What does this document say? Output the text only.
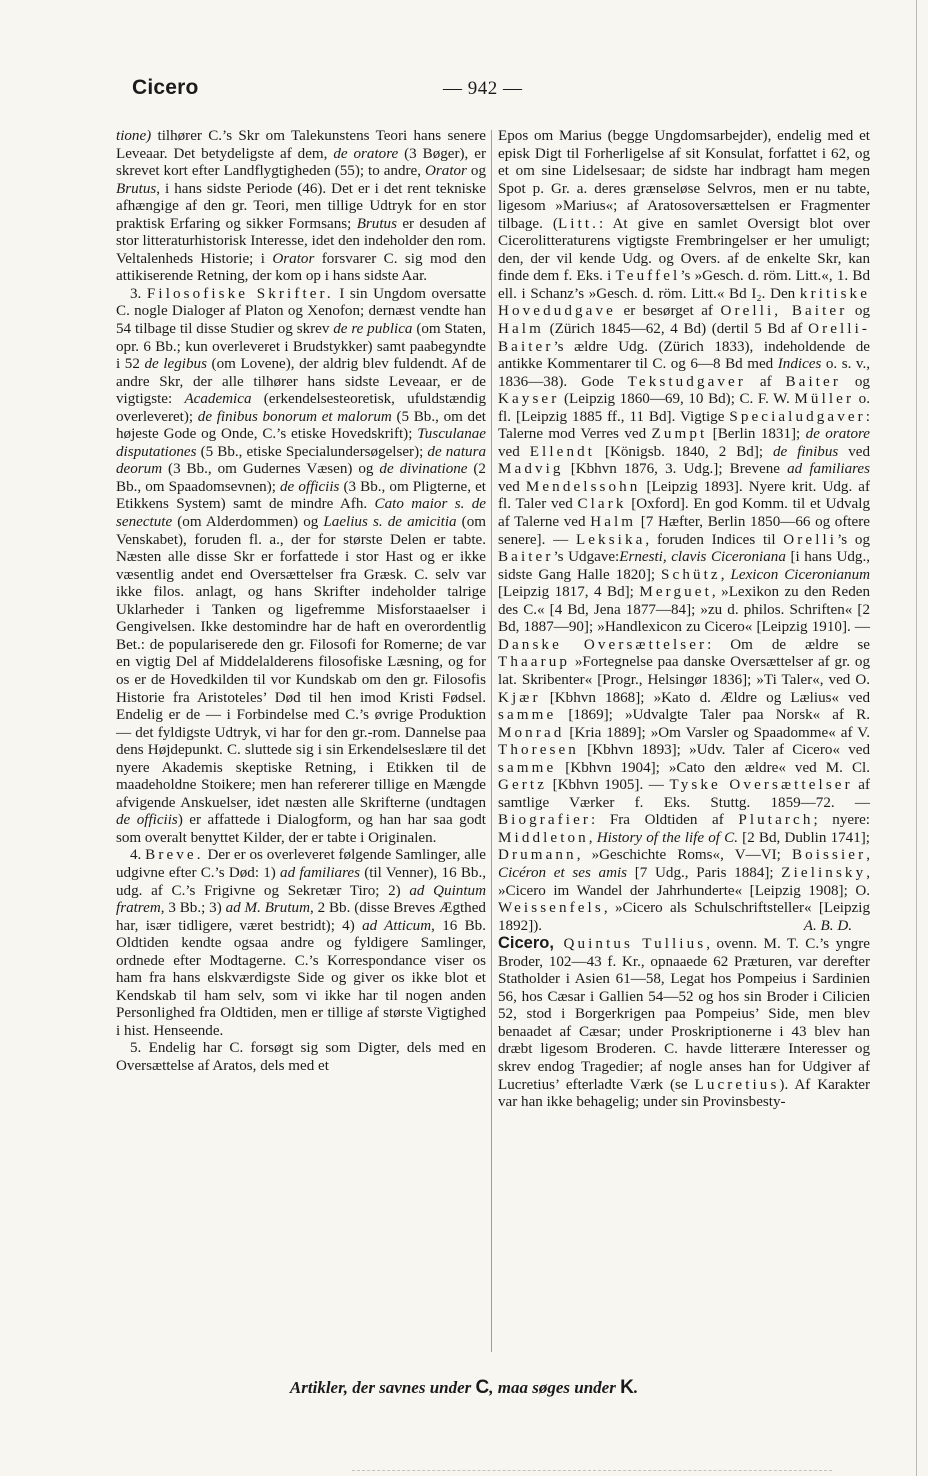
Cicero	— 942 —

tione) tilhører C.’s Skr om Talekunstens Teori hans senere Leveaar. Det betydeligste af dem, de oratore (3 Bøger), er skrevet kort efter Landflygtigheden (55); to andre, Orator og Brutus, i hans sidste Periode (46). Det er i det rent tekniske afhængige af den gr. Teori, men tillige Udtryk for en stor praktisk Erfaring og sikker Formsans; Brutus er desuden af stor litteraturhistorisk Interesse, idet den indeholder den rom. Veltalenheds Historie; i Orator forsvarer C. sig mod den attikiserende Retning, der kom op i hans sidste Aar.

3. Filosofiske Skrifter. I sin Ungdom oversatte C. nogle Dialoger af Platon og Xenofon; dernæst vendte han 54 tilbage til disse Studier og skrev de re publica (om Staten, opr. 6 Bb.; kun overleveret i Brudstykker) samt paabegyndte i 52 de legibus (om Lovene), der aldrig blev fuldendt. Af de andre Skr, der alle tilhører hans sidste Leveaar, er de vigtigste: Academica (erkendelsesteoretisk, ufuldstændig overleveret); de finibus bonorum et malorum (5 Bb., om det højeste Gode og Onde, C.’s etiske Hovedskrift); Tusculanae disputationes (5 Bb., etiske Specialundersøgelser); de natura deorum (3 Bb., om Gudernes Væsen) og de divinatione (2 Bb., om Spaadomsevnen); de officiis (3 Bb., om Pligterne, et Etikkens System) samt de mindre Afh. Cato maior s. de senectute (om Alderdommen) og Laelius s. de amicitia (om Venskabet), foruden fl. a., der for største Delen er tabte. Næsten alle disse Skr er forfattede i stor Hast og er ikke væsentlig andet end Oversættelser fra Græsk. C. selv var ikke filos. anlagt, og hans Skrifter indeholder talrige Uklarheder i Tanken og ligefremme Misforstaaelser i Gengivelsen. Ikke destomindre har de haft en overordentlig Bet.: de populariserede den gr. Filosofi for Romerne; de var en vigtig Del af Middelalderens filosofiske Læsning, og for os er de Hovedkilden til vor Kundskab om den gr. Filosofis Historie fra Aristoteles’ Død til hen imod Kristi Fødsel. Endelig er de — i Forbindelse med C.’s øvrige Produktion — det fyldigste Udtryk, vi har for den gr.-rom. Dannelse paa dens Højdepunkt. C. sluttede sig i sin Erkendelseslære til det nyere Akademis skeptiske Retning, i Etikken til de maadeholdne Stoikere; men han refererer tillige en Mængde afvigende Anskuelser, idet næsten alle Skrifterne (undtagen de officiis) er affattede i Dialogform, og han har saa godt som overalt benyttet Kilder, der er tabte i Originalen.

4. Breve. Der er os overleveret følgende Samlinger, alle udgivne efter C.’s Død: 1) ad familiares (til Venner), 16 Bb., udg. af C.’s Frigivne og Sekretær Tiro; 2) ad Quintum fratrem, 3 Bb.; 3) ad M. Brutum, 2 Bb. (disse Breves Ægthed har, især tidligere, været bestridt); 4) ad Atticum, 16 Bb. Oldtiden kendte ogsaa andre og fyldigere Samlinger, ordnede efter Modtagerne. C.’s Korrespondance viser os ham fra hans elskværdigste Side og giver os ikke blot et Kendskab til ham selv, som vi ikke har til nogen anden Personlighed fra Oldtiden, men er tillige af største Vigtighed i hist. Henseende.

5. Endelig har C. forsøgt sig som Digter, dels med en Oversættelse af Aratos, dels med et

Epos om Marius (begge Ungdomsarbejder), endelig med et episk Digt til Forherligelse af sit Konsulat, forfattet i 62, og et om sine Lidelsesaar; de sidste har indbragt ham megen Spot p. Gr. a. deres grænseløse Selvros, men er nu tabte, ligesom »Marius«; af Aratosoversættelsen er Fragmenter tilbage. (Litt.: At give en samlet Oversigt blot over Cicerolitteraturens vigtigste Frembringelser er her umuligt; den, der vil kende Udg. og Overs. af de enkelte Skr, kan finde dem f. Eks. i Teuffel’s »Gesch. d. röm. Litt.«, 1. Bd ell. i Schanz’s »Gesch. d. röm. Litt.« Bd I₂. Den kritiske Hovedudgave er besørget af Orelli, Baiter og Halm (Zürich 1845—62, 4 Bd) (dertil 5 Bd af Orelli-Baiter’s ældre Udg. (Zürich 1833), indeholdende de antikke Kommentarer til C. og 6—8 Bd med Indices o. s. v., 1836—38). Gode Tekstudgaver af Baiter og Kayser (Leipzig 1860—69, 10 Bd); C. F. W. Müller o. fl. [Leipzig 1885 ff., 11 Bd]. Vigtige Specialudgaver: Talerne mod Verres ved Zumpt [Berlin 1831]; de oratore ved Ellendt [Königsb. 1840, 2 Bd]; de finibus ved Madvig [Kbhvn 1876, 3. Udg.]; Brevene ad familiares ved Mendelssohn [Leipzig 1893]. Nyere krit. Udg. af fl. Taler ved Clark [Oxford]. En god Komm. til et Udvalg af Talerne ved Halm [7 Hæfter, Berlin 1850—66 og oftere senere]. — Leksika, foruden Indices til Orelli’s og Baiter’s Udgave:Ernesti, clavis Ciceroniana [i hans Udg., sidste Gang Halle 1820]; Schütz, Lexicon Ciceronianum [Leipzig 1817, 4 Bd]; Merguet, »Lexikon zu den Reden des C.« [4 Bd, Jena 1877—84]; »zu d. philos. Schriften« [2 Bd, 1887—90]; »Handlexicon zu Cicero« [Leipzig 1910]. — Danske Oversættelser: Om de ældre se Thaarup »Fortegnelse paa danske Oversættelser af gr. og lat. Skribenter« [Progr., Helsingør 1836]; »Ti Taler«, ved O. Kjær [Kbhvn 1868]; »Kato d. Ældre og Lælius« ved samme [1869]; »Udvalgte Taler paa Norsk« af R. Monrad [Kria 1889]; »Om Varsler og Spaadomme« af V. Thoresen [Kbhvn 1893]; »Udv. Taler af Cicero« ved samme [Kbhvn 1904]; »Cato den ældre« ved M. Cl. Gertz [Kbhvn 1905]. — Tyske Oversættelser af samtlige Værker f. Eks. Stuttg. 1859—72. — Biografier: Fra Oldtiden af Plutarch; nyere: Middleton, History of the life of C. [2 Bd, Dublin 1741]; Drumann, »Geschichte Roms«, V—VI; Boissier, Cicéron et ses amis [7 Udg., Paris 1884]; Zielinsky, »Cicero im Wandel der Jahrhunderte« [Leipzig 1908]; O. Weissenfels, »Cicero als Schulschriftsteller« [Leipzig 1892]).	A. B. D.

Cicero, Quintus Tullius, ovenn. M. T. C.’s yngre Broder, 102—43 f. Kr., opnaaede 62 Præturen, var derefter Statholder i Asien 61—58, Legat hos Pompeius i Sardinien 56, hos Cæsar i Gallien 54—52 og hos sin Broder i Cilicien 52, stod i Borgerkrigen paa Pompeius’ Side, men blev benaadet af Cæsar; under Proskriptionerne i 43 blev han dræbt ligesom Broderen. C. havde litterære Interesser og skrev endog Tragedier; af nogle anses han for Udgiver af Lucretius’ efterladte Værk (se Lucretius). Af Karakter var han ikke behagelig; under sin Provinsbesty-

Artikler, der savnes under C, maa søges under K.
